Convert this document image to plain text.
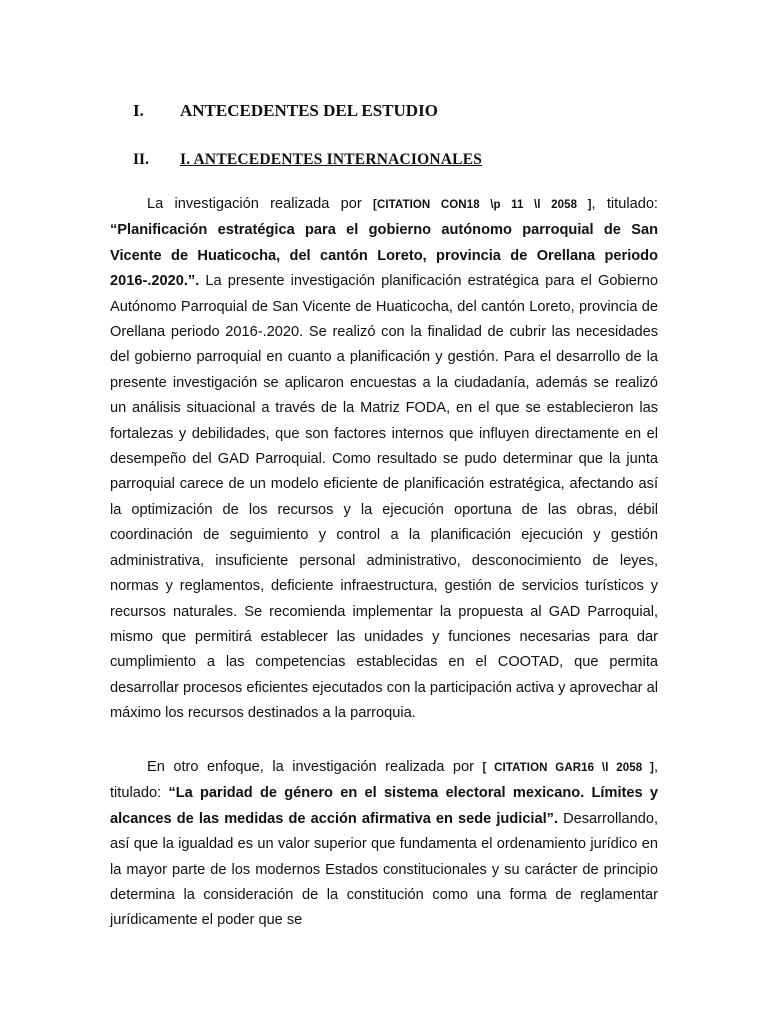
I. ANTECEDENTES DEL ESTUDIO
II. I. ANTECEDENTES INTERNACIONALES

La investigación realizada por [CITATION CON18 \p 11 \l 2058 ], titulado: “Planificación estratégica para el gobierno autónomo parroquial de San Vicente de Huaticocha, del cantón Loreto, provincia de Orellana periodo 2016-.2020.”. La presente investigación planificación estratégica para el Gobierno Autónomo Parroquial de San Vicente de Huaticocha, del cantón Loreto, provincia de Orellana periodo 2016-.2020. Se realizó con la finalidad de cubrir las necesidades del gobierno parroquial en cuanto a planificación y gestión. Para el desarrollo de la presente investigación se aplicaron encuestas a la ciudadanía, además se realizó un análisis situacional a través de la Matriz FODA, en el que se establecieron las fortalezas y debilidades, que son factores internos que influyen directamente en el desempeño del GAD Parroquial. Como resultado se pudo determinar que la junta parroquial carece de un modelo eficiente de planificación estratégica, afectando así la optimización de los recursos y la ejecución oportuna de las obras, débil coordinación de seguimiento y control a la planificación ejecución y gestión administrativa, insuficiente personal administrativo, desconocimiento de leyes, normas y reglamentos, deficiente infraestructura, gestión de servicios turísticos y recursos naturales. Se recomienda implementar la propuesta al GAD Parroquial, mismo que permitirá establecer las unidades y funciones necesarias para dar cumplimiento a las competencias establecidas en el COOTAD, que permita desarrollar procesos eficientes ejecutados con la participación activa y aprovechar al máximo los recursos destinados a la parroquia.

En otro enfoque, la investigación realizada por [ CITATION GAR16 \l 2058 ], titulado: “La paridad de género en el sistema electoral mexicano. Límites y alcances de las medidas de acción afirmativa en sede judicial”. Desarrollando, así que la igualdad es un valor superior que fundamenta el ordenamiento jurídico en la mayor parte de los modernos Estados constitucionales y su carácter de principio determina la consideración de la constitución como una forma de reglamentar jurídicamente el poder que se
